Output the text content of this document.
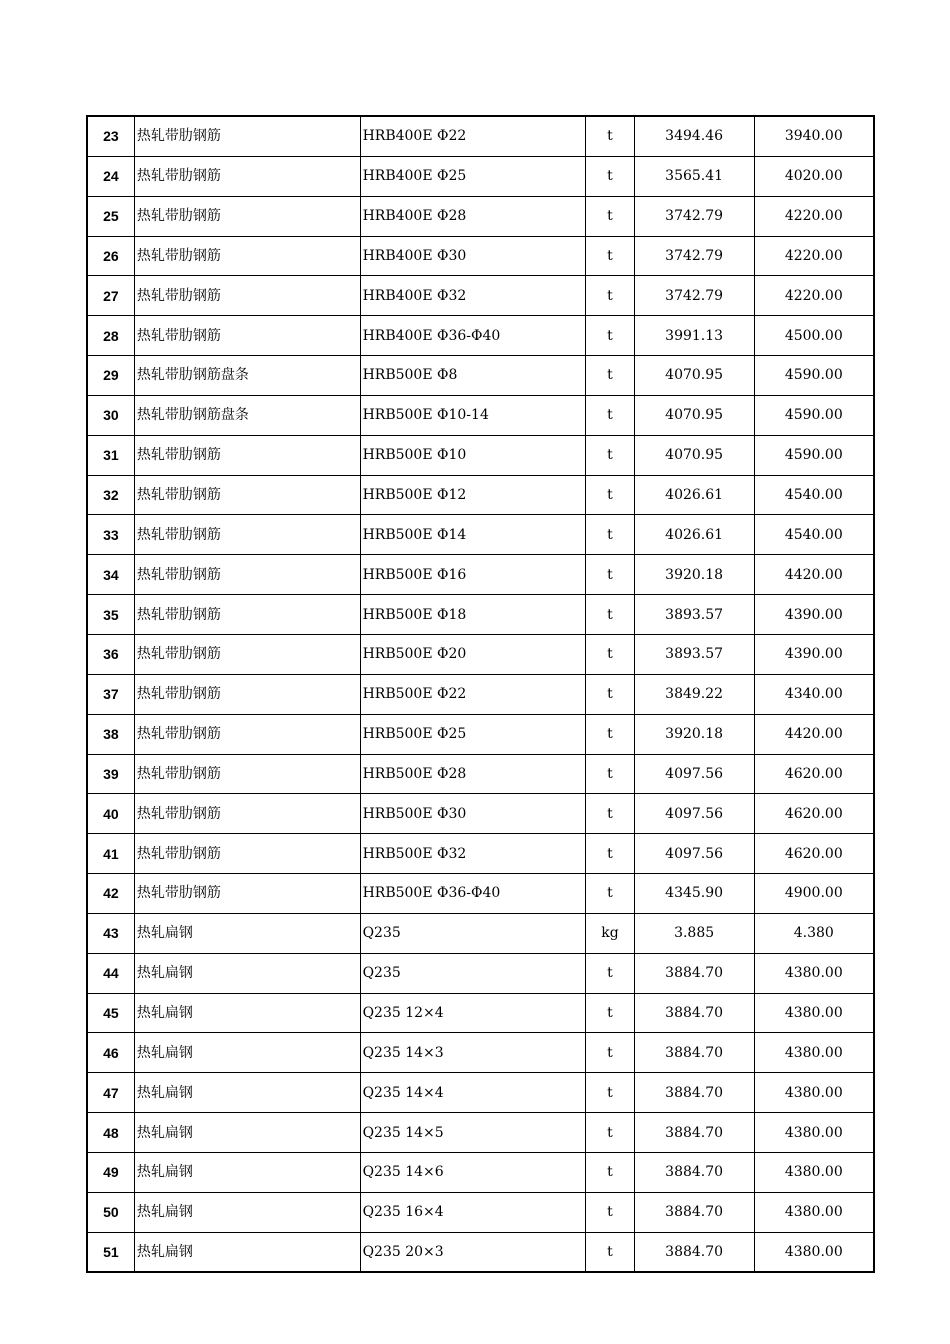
23	热轧带肋钢筋	HRB400E Φ22	t	3494.46	3940.00
24	热轧带肋钢筋	HRB400E Φ25	t	3565.41	4020.00
25	热轧带肋钢筋	HRB400E Φ28	t	3742.79	4220.00
26	热轧带肋钢筋	HRB400E Φ30	t	3742.79	4220.00
27	热轧带肋钢筋	HRB400E Φ32	t	3742.79	4220.00
28	热轧带肋钢筋	HRB400E Φ36-Φ40	t	3991.13	4500.00
29	热轧带肋钢筋盘条	HRB500E Φ8	t	4070.95	4590.00
30	热轧带肋钢筋盘条	HRB500E Φ10-14	t	4070.95	4590.00
31	热轧带肋钢筋	HRB500E Φ10	t	4070.95	4590.00
32	热轧带肋钢筋	HRB500E Φ12	t	4026.61	4540.00
33	热轧带肋钢筋	HRB500E Φ14	t	4026.61	4540.00
34	热轧带肋钢筋	HRB500E Φ16	t	3920.18	4420.00
35	热轧带肋钢筋	HRB500E Φ18	t	3893.57	4390.00
36	热轧带肋钢筋	HRB500E Φ20	t	3893.57	4390.00
37	热轧带肋钢筋	HRB500E Φ22	t	3849.22	4340.00
38	热轧带肋钢筋	HRB500E Φ25	t	3920.18	4420.00
39	热轧带肋钢筋	HRB500E Φ28	t	4097.56	4620.00
40	热轧带肋钢筋	HRB500E Φ30	t	4097.56	4620.00
41	热轧带肋钢筋	HRB500E Φ32	t	4097.56	4620.00
42	热轧带肋钢筋	HRB500E Φ36-Φ40	t	4345.90	4900.00
43	热轧扁钢	Q235	kg	3.885	4.380
44	热轧扁钢	Q235	t	3884.70	4380.00
45	热轧扁钢	Q235 12×4	t	3884.70	4380.00
46	热轧扁钢	Q235 14×3	t	3884.70	4380.00
47	热轧扁钢	Q235 14×4	t	3884.70	4380.00
48	热轧扁钢	Q235 14×5	t	3884.70	4380.00
49	热轧扁钢	Q235 14×6	t	3884.70	4380.00
50	热轧扁钢	Q235 16×4	t	3884.70	4380.00
51	热轧扁钢	Q235 20×3	t	3884.70	4380.00
